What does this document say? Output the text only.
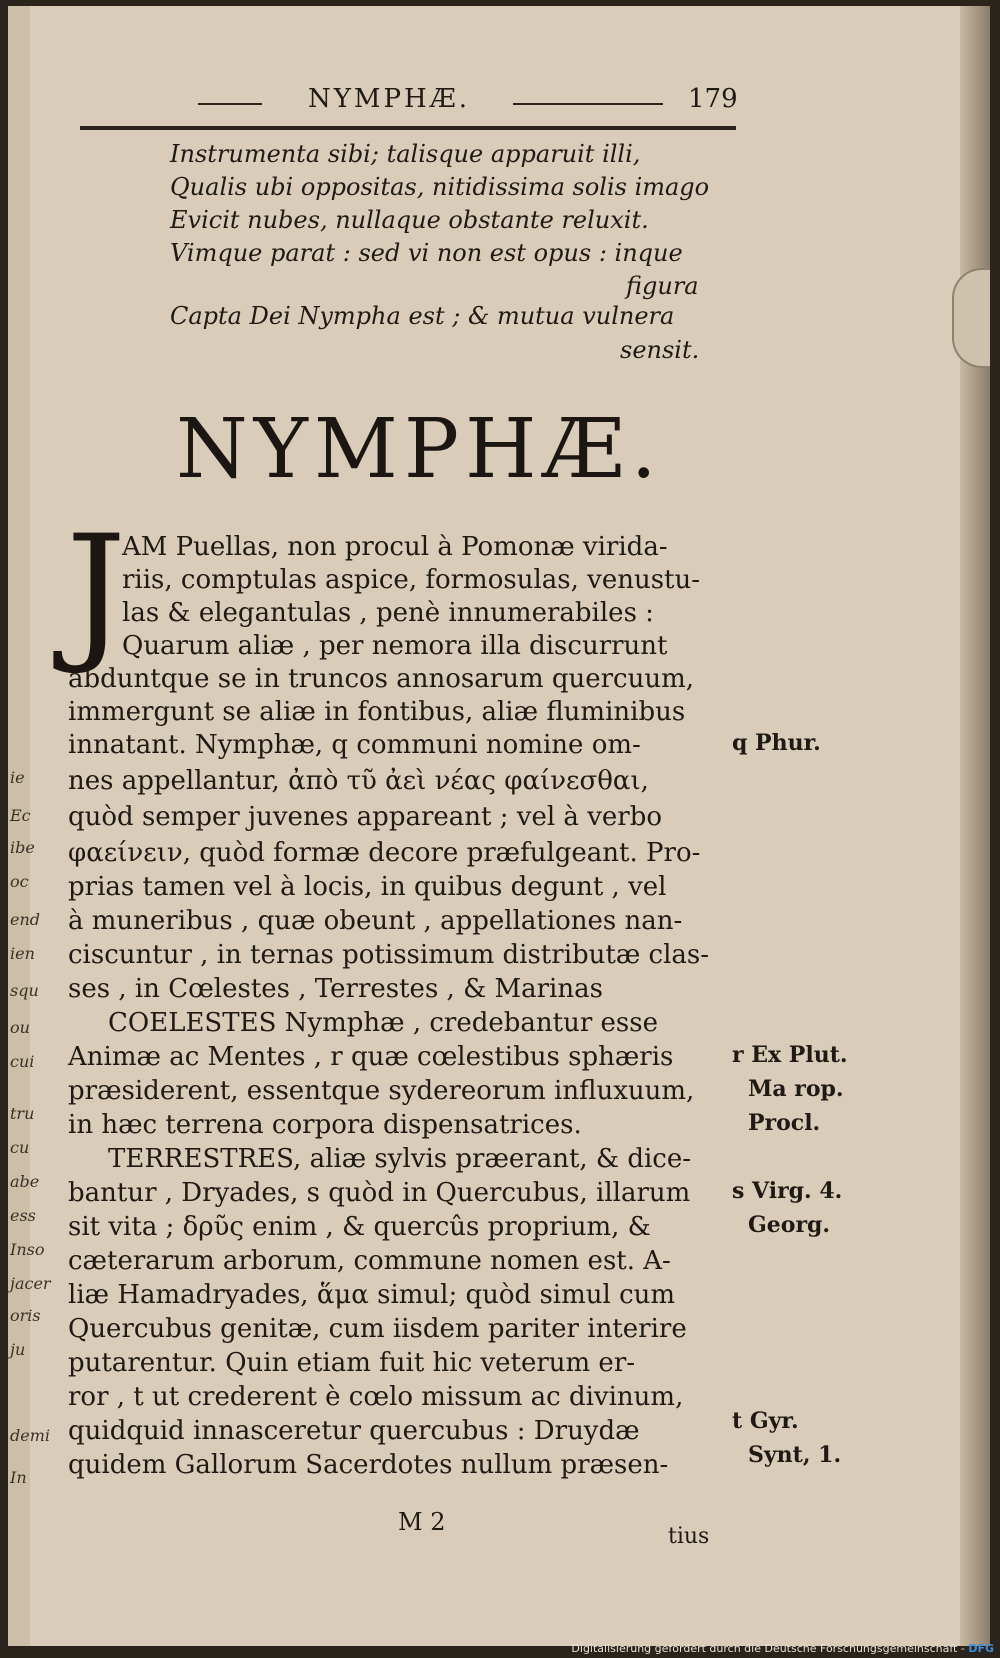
ie
Ec
ibe
oc
end
ien
squ
ou
cui
tru
cu
abe
ess
Inso
jacer
oris
ju
demi
In
NYMPHÆ.	179
Instrumenta sibi; talisque apparuit illi,
Qualis ubi oppositas, nitidissima solis imago
Evicit nubes, nullaque obstante reluxit.
Vimque parat : sed vi non est opus : inque
figura
Capta Dei Nympha est ; & mutua vulnera
sensit.
NYMPHÆ.
J
AM Puellas, non procul à Pomonæ virida-
riis, comptulas aspice, formosulas, venustu-
las & elegantulas , penè innumerabiles :
Quarum aliæ , per nemora illa discurrunt
abduntque se in truncos annosarum quercuum,
immergunt se aliæ in fontibus, aliæ fluminibus
innatant. Nymphæ, q communi nomine om-
nes appellantur, ἀπὸ τῦ ἀεὶ νέας φαίνεσθαι,
quòd semper juvenes appareant ; vel à verbo
φαείνειν, quòd formæ decore præfulgeant. Pro-
prias tamen vel à locis, in quibus degunt , vel
à muneribus , quæ obeunt , appellationes nan-
ciscuntur , in ternas potissimum distributæ clas-
ses , in Cœlestes , Terrestes , & Marinas
COELESTES Nymphæ , credebantur esse
Animæ ac Mentes , r quæ cœlestibus sphæris
præsiderent, essentque sydereorum influxuum,
in hæc terrena corpora dispensatrices.
TERRESTRES, aliæ sylvis præerant, & dice-
bantur , Dryades, s quòd in Quercubus, illarum
sit vita ; δρῦς enim , & quercûs proprium, &
cæterarum arborum, commune nomen est. A-
liæ Hamadryades, ἅμα simul; quòd simul cum
Quercubus genitæ, cum iisdem pariter interire
putarentur. Quin etiam fuit hic veterum er-
ror , t ut crederent è cœlo missum ac divinum,
quidquid innasceretur quercubus : Druydæ
quidem Gallorum Sacerdotes nullum præsen-
q Phur.
r Ex Plut.
Ma rop.
Procl.
s Virg. 4.
Georg.
t Gyr.
Synt, 1.
M 2
tius
Digitalisierung gefördert durch die Deutsche Forschungsgemeinschaft - DFG
